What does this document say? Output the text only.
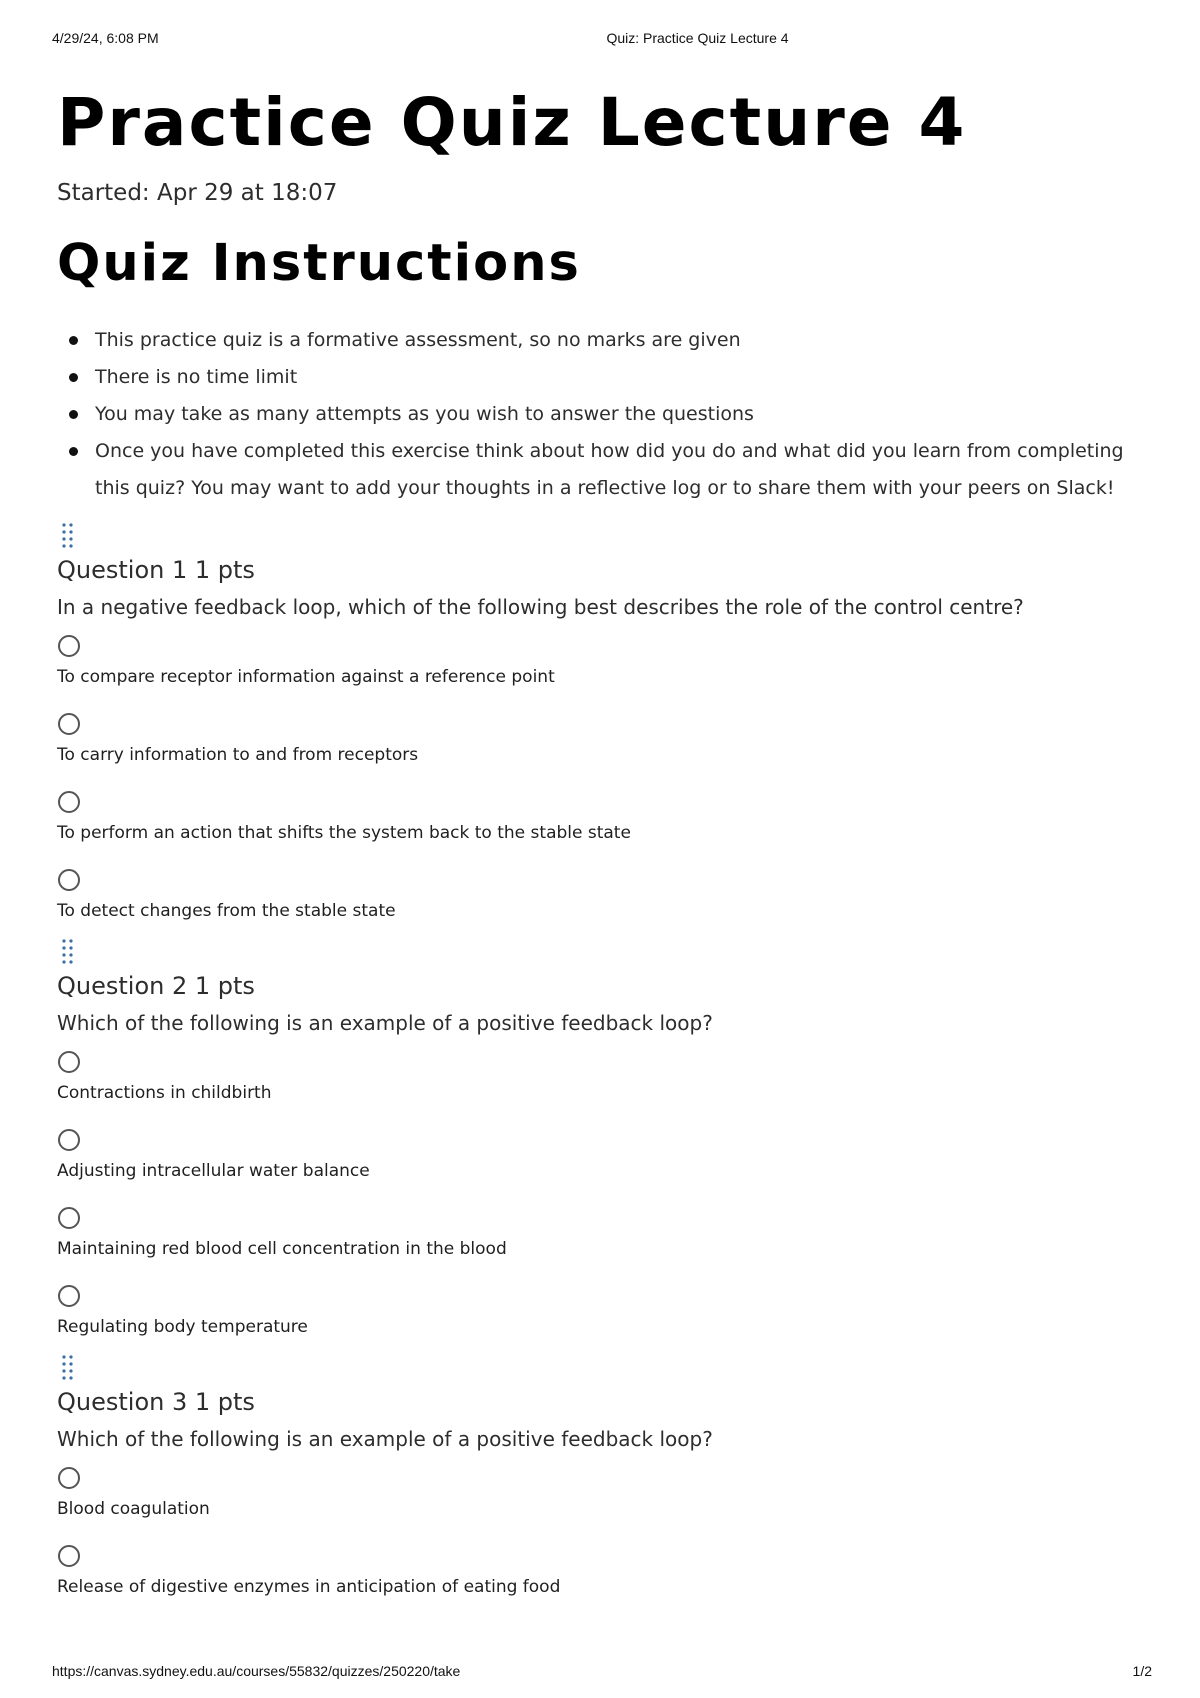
4/29/24, 6:08 PM	Quiz: Practice Quiz Lecture 4
Practice Quiz Lecture 4
Started: Apr 29 at 18:07
Quiz Instructions
This practice quiz is a formative assessment, so no marks are given
There is no time limit
You may take as many attempts as you wish to answer the questions
Once you have completed this exercise think about how did you do and what did you learn from completing this quiz? You may want to add your thoughts in a reflective log or to share them with your peers on Slack!
Question 1 1 pts
In a negative feedback loop, which of the following best describes the role of the control centre?
To compare receptor information against a reference point
To carry information to and from receptors
To perform an action that shifts the system back to the stable state
To detect changes from the stable state
Question 2 1 pts
Which of the following is an example of a positive feedback loop?
Contractions in childbirth
Adjusting intracellular water balance
Maintaining red blood cell concentration in the blood
Regulating body temperature
Question 3 1 pts
Which of the following is an example of a positive feedback loop?
Blood coagulation
Release of digestive enzymes in anticipation of eating food
https://canvas.sydney.edu.au/courses/55832/quizzes/250220/take	1/2
